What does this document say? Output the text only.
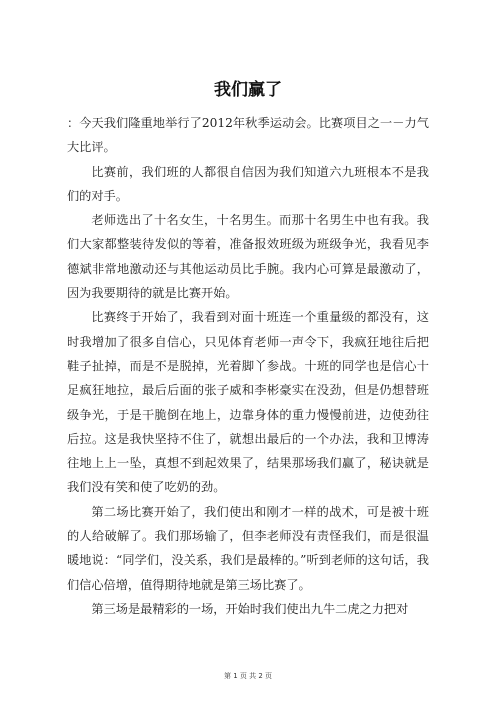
我们赢了

：今天我们隆重地举行了2012年秋季运动会。比赛项目之一－力气大比评。

比赛前，我们班的人都很自信因为我们知道六九班根本不是我们的对手。

老师选出了十名女生，十名男生。而那十名男生中也有我。我们大家都整装待发似的等着，准备报效班级为班级争光，我看见李德斌非常地激动还与其他运动员比手腕。我内心可算是最激动了，因为我要期待的就是比赛开始。

比赛终于开始了，我看到对面十班连一个重量级的都没有，这时我增加了很多自信心，只见体育老师一声令下，我疯狂地往后把鞋子扯掉，而是不是脱掉，光着脚丫参战。十班的同学也是信心十足疯狂地拉，最后后面的张子威和李彬豪实在没劲，但是仍想替班级争光，于是干脆倒在地上，边靠身体的重力慢慢前进，边使劲往后拉。这是我快坚持不住了，就想出最后的一个办法，我和卫博涛往地上上一坠，真想不到起效果了，结果那场我们赢了，秘诀就是我们没有笑和使了吃奶的劲。

第二场比赛开始了，我们使出和刚才一样的战术，可是被十班的人给破解了。我们那场输了，但李老师没有责怪我们，而是很温暖地说：“同学们，没关系，我们是最棒的。”听到老师的这句话，我们信心倍增，值得期待地就是第三场比赛了。

第三场是最精彩的一场，开始时我们使出九牛二虎之力把对

第 1 页 共 2 页
